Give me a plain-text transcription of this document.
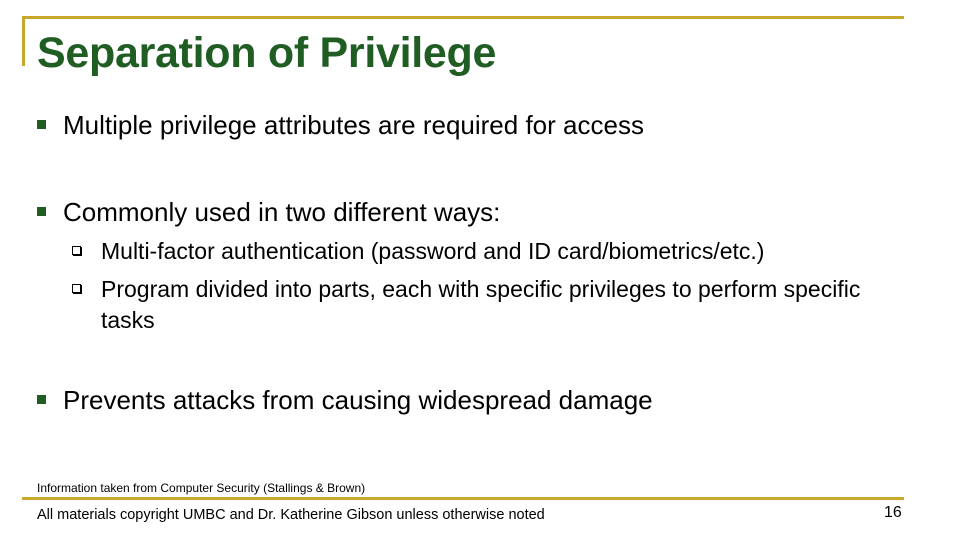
Separation of Privilege
Multiple privilege attributes are required for access
Commonly used in two different ways:
Multi-factor authentication (password and ID card/biometrics/etc.)
Program divided into parts, each with specific privileges to perform specific tasks
Prevents attacks from causing widespread damage
Information taken from Computer Security (Stallings & Brown)
All materials copyright UMBC and Dr. Katherine Gibson unless otherwise noted	16
